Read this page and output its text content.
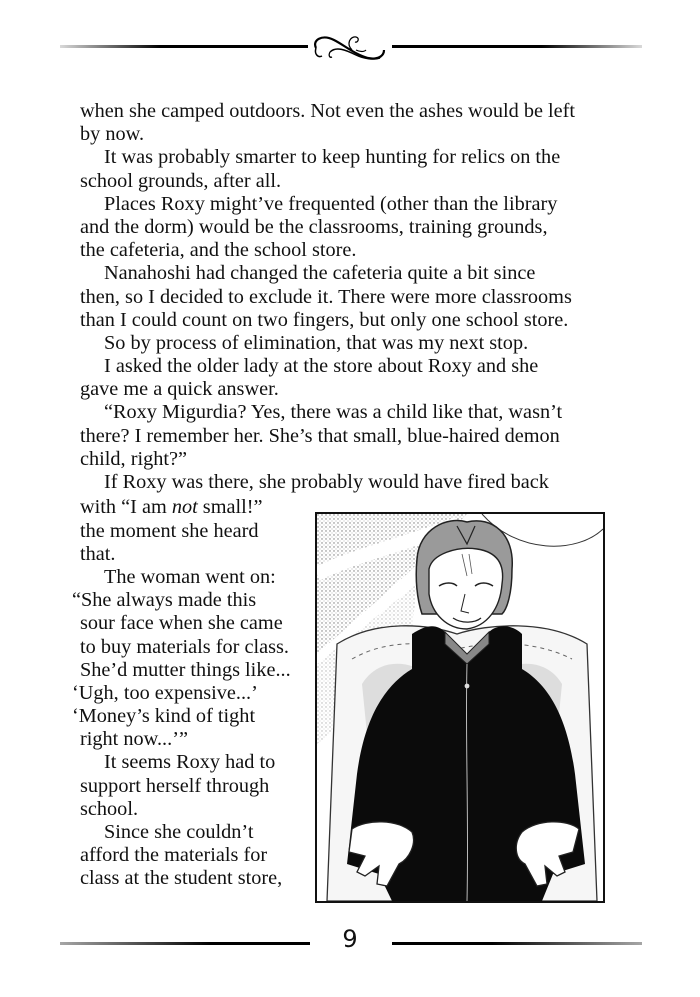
when she camped outdoors. Not even the ashes would be left
by now.
It was probably smarter to keep hunting for relics on the
school grounds, after all.
Places Roxy might’ve frequented (other than the library
and the dorm) would be the classrooms, training grounds,
the cafeteria, and the school store.
Nanahoshi had changed the cafeteria quite a bit since
then, so I decided to exclude it. There were more classrooms
than I could count on two fingers, but only one school store.
So by process of elimination, that was my next stop.
I asked the older lady at the store about Roxy and she
gave me a quick answer.
“Roxy Migurdia? Yes, there was a child like that, wasn’t
there? I remember her. She’s that small, blue-haired demon
child, right?”
If Roxy was there, she probably would have fired back
with “I am not small!”
the moment she heard
that.
The woman went on:
“She always made this
sour face when she came
to buy materials for class.
She’d mutter things like...
‘Ugh, too expensive...’
‘Money’s kind of tight
right now...’”
It seems Roxy had to
support herself through
school.
Since she couldn’t
afford the materials for
class at the student store,
9
